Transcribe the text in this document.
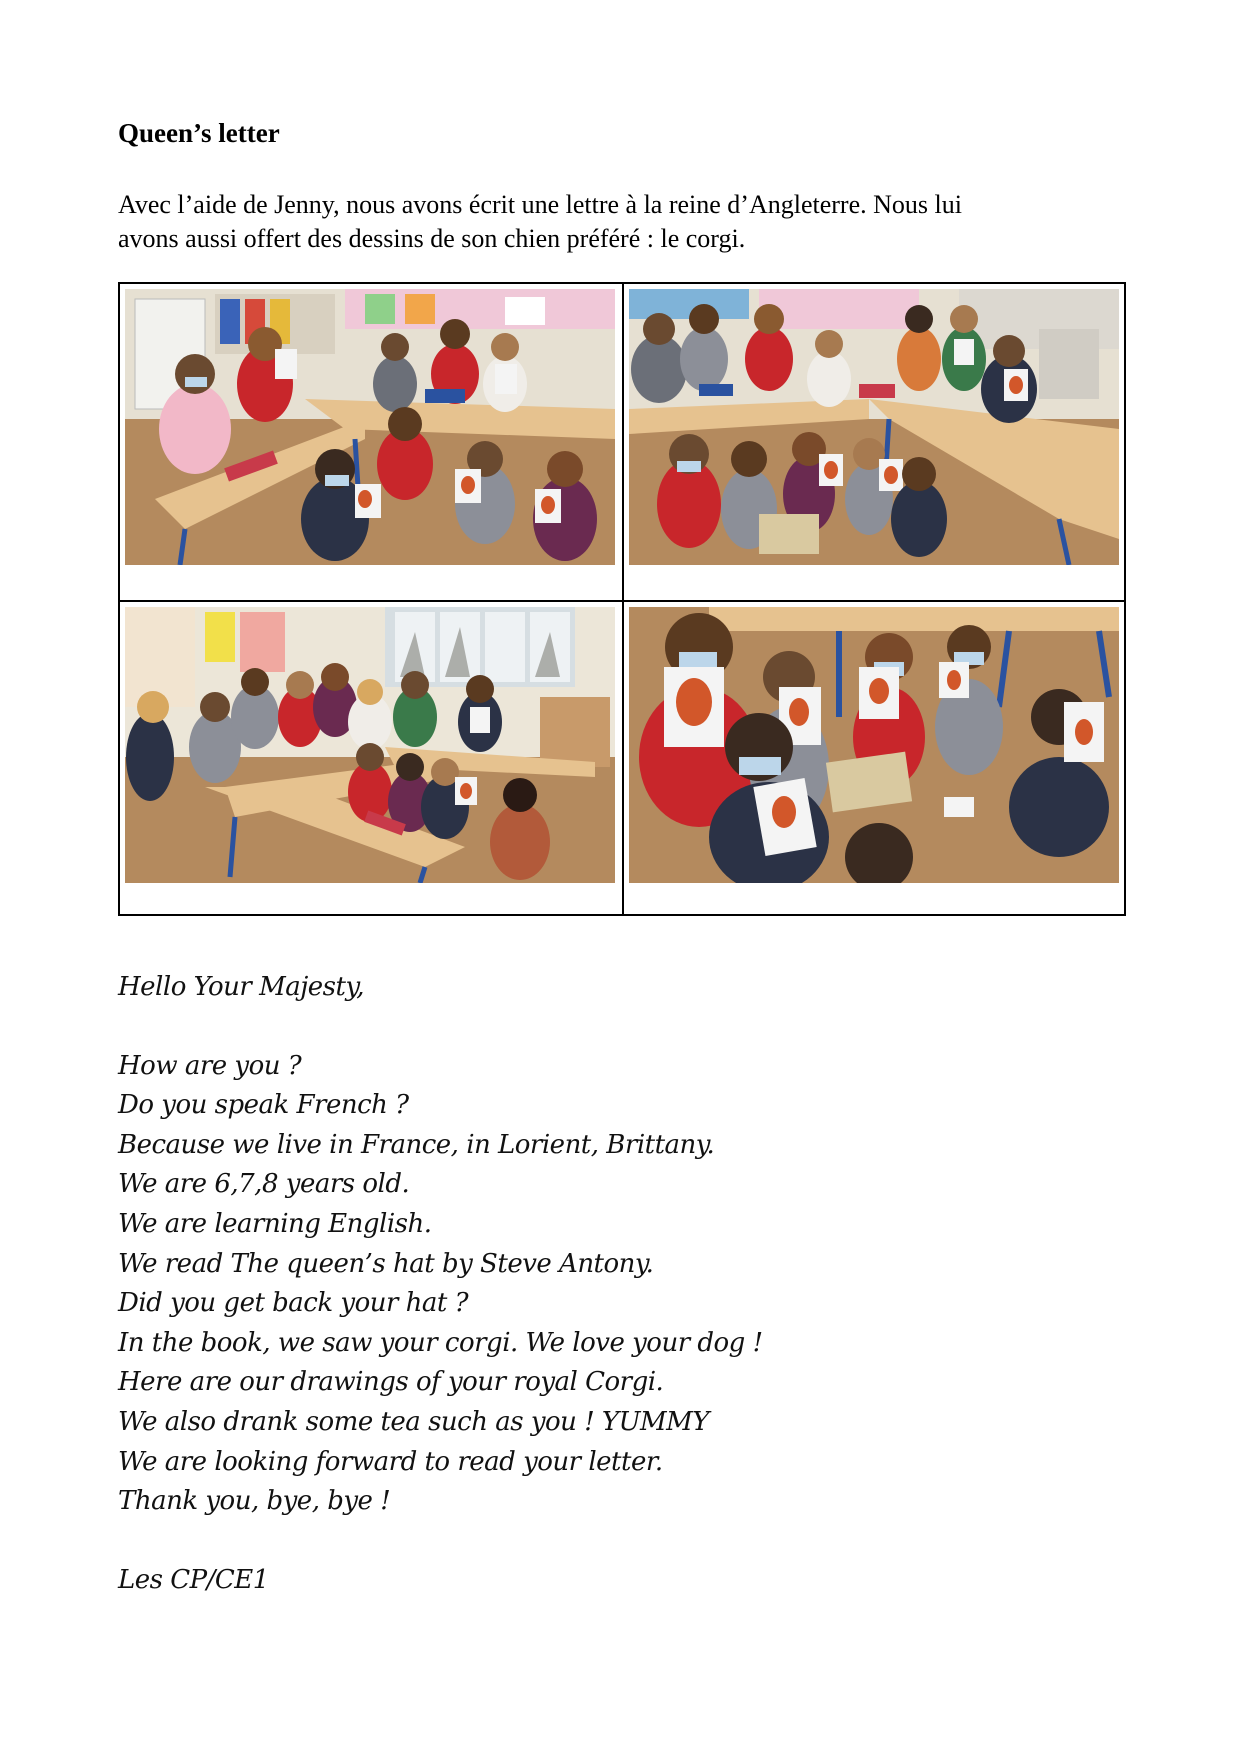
Queen’s letter
Avec l’aide de Jenny, nous avons écrit une lettre à la reine d’Angleterre. Nous lui
avons aussi offert des dessins de son chien préféré : le corgi.
Hello Your Majesty,
How are you ?
Do you speak French ?
Because we live in France, in Lorient, Brittany.
We are 6,7,8 years old.
We are learning English.
We read The queen’s hat by Steve Antony.
Did you get back your hat ?
In the book, we saw your corgi. We love your dog !
Here are our drawings of your royal Corgi.
We also drank some tea such as you ! YUMMY
We are looking forward to read your letter.
Thank you, bye, bye !
Les CP/CE1
